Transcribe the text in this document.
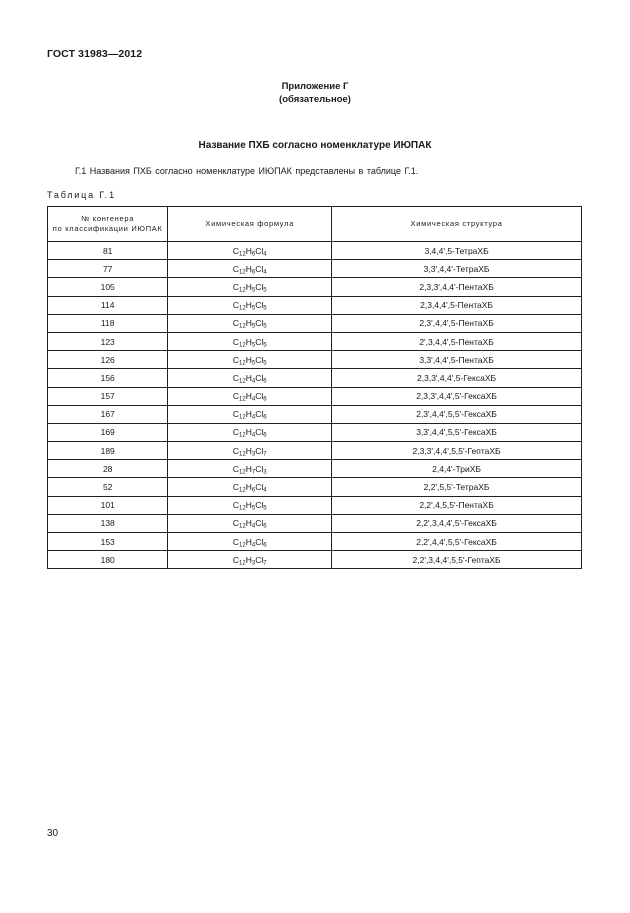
ГОСТ 31983—2012
Приложение Г
(обязательное)
Название ПХБ согласно номенклатуре ИЮПАК
Г.1 Названия ПХБ согласно номенклатуре ИЮПАК представлены в таблице Г.1.
Таблица Г.1
№ конгенера
по классификации ИЮПАК	Химическая формула	Химическая структура
81	$C_{12}H_6Cl_4$	3,4,4',5-ТетраХБ
77	$C_{12}H_6Cl_4$	3,3',4,4'-ТетраХБ
105	$C_{12}H_5Cl_5$	2,3,3',4,4'-ПентаХБ
114	$C_{12}H_5Cl_5$	2,3,4,4',5-ПентаХБ
118	$C_{12}H_5Cl_5$	2,3',4,4',5-ПентаХБ
123	$C_{12}H_5Cl_5$	2',3,4,4',5-ПентаХБ
126	$C_{12}H_5Cl_5$	3,3',4,4',5-ПентаХБ
156	$C_{12}H_4Cl_6$	2,3,3',4,4',5-ГексаХБ
157	$C_{12}H_4Cl_6$	2,3,3',4,4',5'-ГексаХБ
167	$C_{12}H_4Cl_6$	2,3',4,4',5,5'-ГексаХБ
169	$C_{12}H_4Cl_6$	3,3',4,4',5,5'-ГексаХБ
189	$C_{12}H_3Cl_7$	2,3,3',4,4',5,5'-ГептаХБ
28	$C_{12}H_7Cl_3$	2,4,4'-ТриХБ
52	$C_{12}H_6Cl_4$	2,2',5,5'-ТетраХБ
101	$C_{12}H_5Cl_5$	2,2',4,5,5'-ПентаХБ
138	$C_{12}H_4Cl_6$	2,2',3,4,4',5'-ГексаХБ
153	$C_{12}H_4Cl_6$	2,2',4,4',5,5'-ГексаХБ
180	$C_{12}H_3Cl_7$	2,2',3,4,4',5,5'-ГептаХБ
30
